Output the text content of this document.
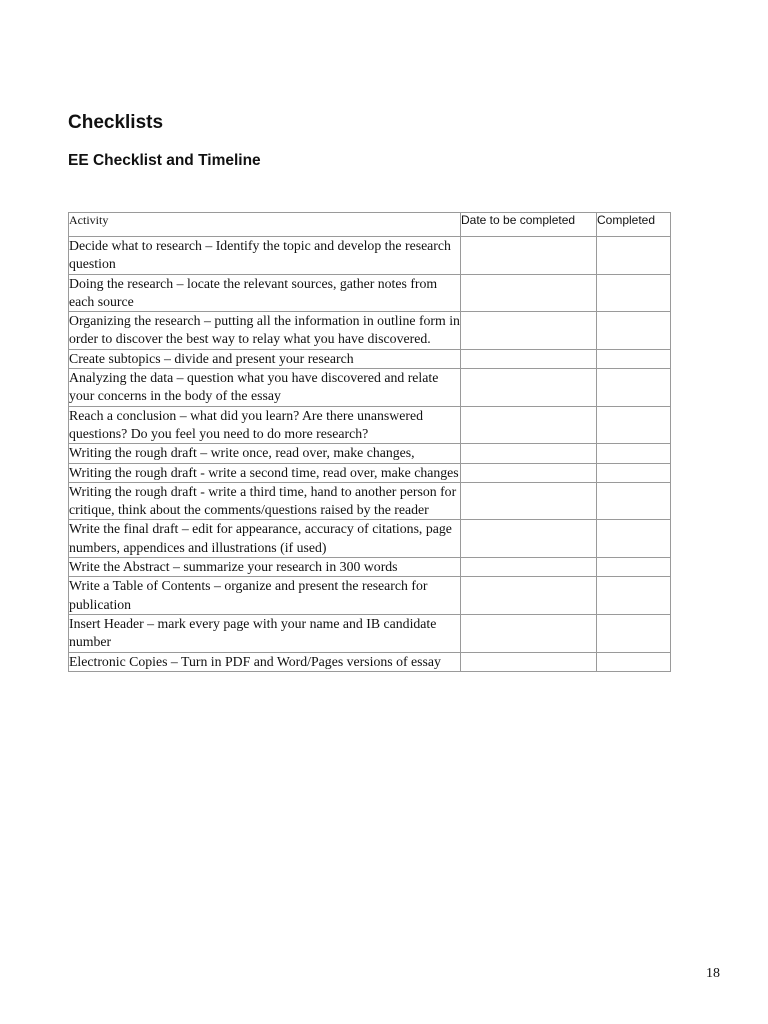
Checklists
EE Checklist and Timeline
Activity	Date to be completed	Completed
Decide what to research – Identify the topic and develop the research question		
Doing the research – locate the relevant sources, gather notes from each source		
Organizing the research – putting all the information in outline form in order to discover the best way to relay what you have discovered.		
Create subtopics – divide and present your research		
Analyzing the data – question what you have discovered and relate your concerns in the body of the essay		
Reach a conclusion – what did you learn? Are there unanswered questions? Do you feel you need to do more research?		
Writing the rough draft – write once, read over, make changes,		
Writing the rough draft - write a second time, read over, make changes		
Writing the rough draft - write a third time, hand to another person for critique, think about the comments/questions raised by the reader		
Write the final draft – edit for appearance, accuracy of citations, page numbers, appendices and illustrations (if used)		
Write the Abstract – summarize your research in 300 words		
Write a Table of Contents – organize and present the research for publication		
Insert Header – mark every page with your name and IB candidate number		
Electronic Copies – Turn in PDF and Word/Pages versions of essay		
18
